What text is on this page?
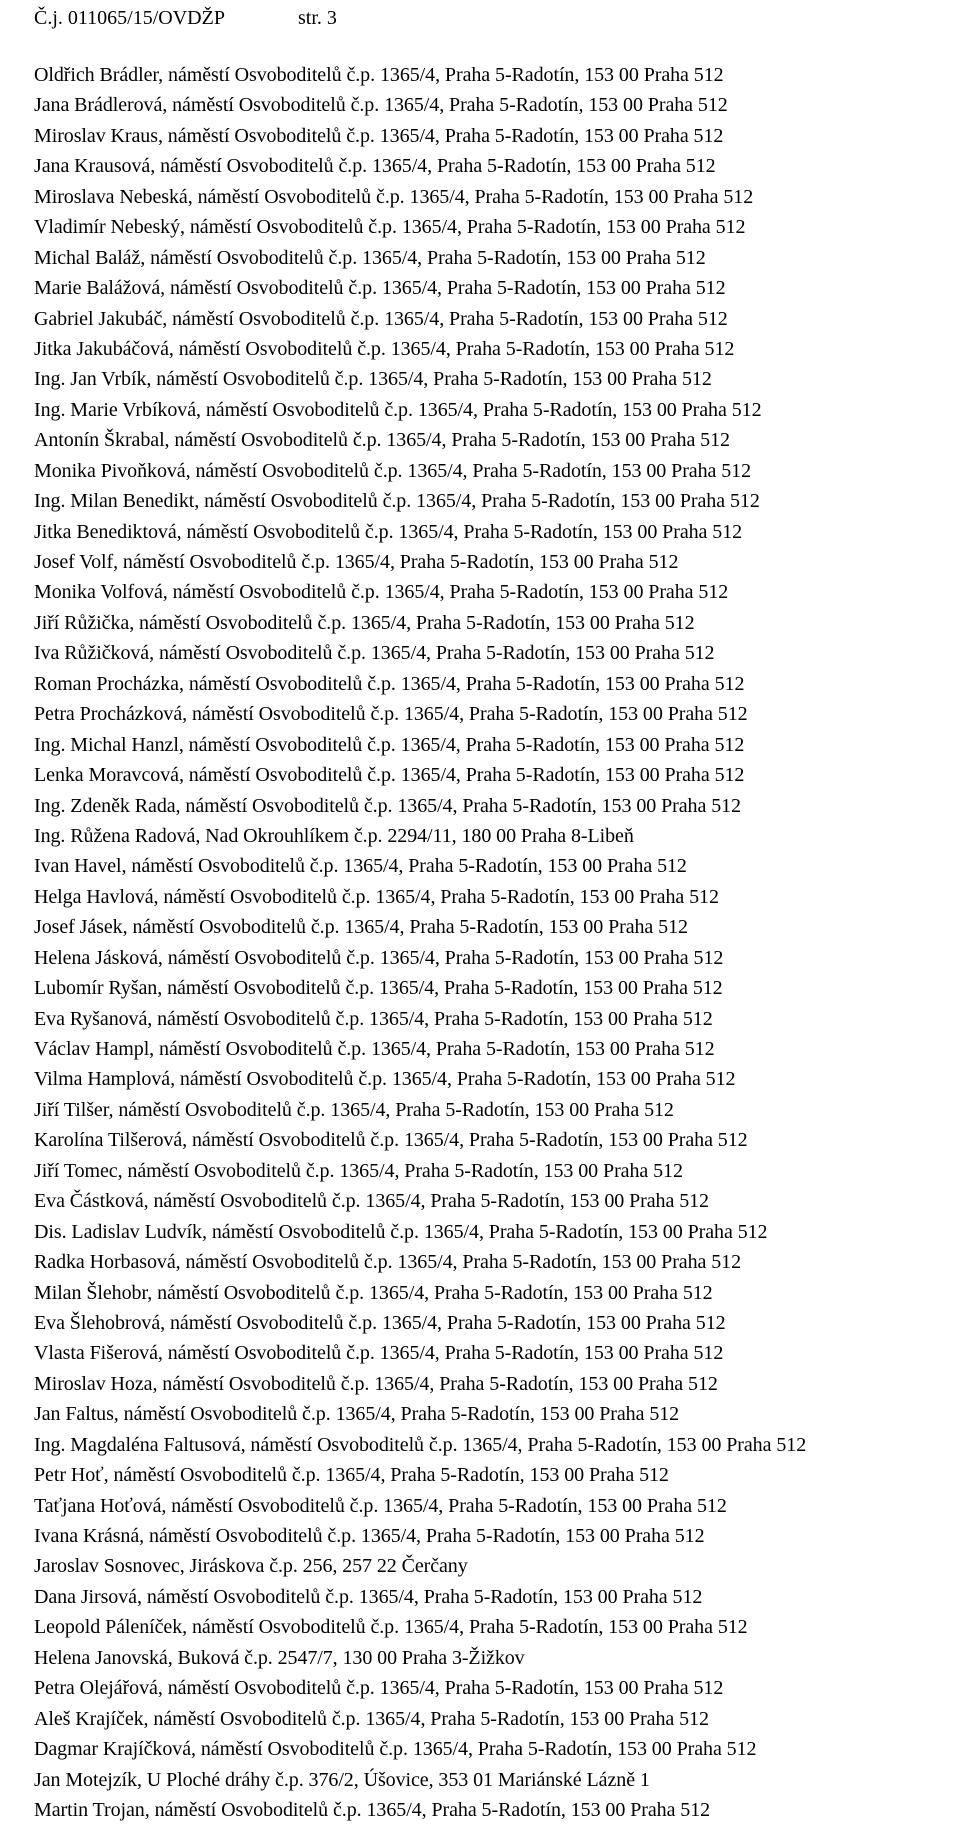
Č.j. 011065/15/OVDŽP	str. 3
Oldřich Brádler, náměstí Osvoboditelů č.p. 1365/4, Praha 5-Radotín, 153 00 Praha 512
Jana Brádlerová, náměstí Osvoboditelů č.p. 1365/4, Praha 5-Radotín, 153 00 Praha 512
Miroslav Kraus, náměstí Osvoboditelů č.p. 1365/4, Praha 5-Radotín, 153 00 Praha 512
Jana Krausová, náměstí Osvoboditelů č.p. 1365/4, Praha 5-Radotín, 153 00 Praha 512
Miroslava Nebeská, náměstí Osvoboditelů č.p. 1365/4, Praha 5-Radotín, 153 00 Praha 512
Vladimír Nebeský, náměstí Osvoboditelů č.p. 1365/4, Praha 5-Radotín, 153 00 Praha 512
Michal Baláž, náměstí Osvoboditelů č.p. 1365/4, Praha 5-Radotín, 153 00 Praha 512
Marie Balážová, náměstí Osvoboditelů č.p. 1365/4, Praha 5-Radotín, 153 00 Praha 512
Gabriel Jakubáč, náměstí Osvoboditelů č.p. 1365/4, Praha 5-Radotín, 153 00 Praha 512
Jitka Jakubáčová, náměstí Osvoboditelů č.p. 1365/4, Praha 5-Radotín, 153 00 Praha 512
Ing. Jan Vrbík, náměstí Osvoboditelů č.p. 1365/4, Praha 5-Radotín, 153 00 Praha 512
Ing. Marie Vrbíková, náměstí Osvoboditelů č.p. 1365/4, Praha 5-Radotín, 153 00 Praha 512
Antonín Škrabal, náměstí Osvoboditelů č.p. 1365/4, Praha 5-Radotín, 153 00 Praha 512
Monika Pivoňková, náměstí Osvoboditelů č.p. 1365/4, Praha 5-Radotín, 153 00 Praha 512
Ing. Milan Benedikt, náměstí Osvoboditelů č.p. 1365/4, Praha 5-Radotín, 153 00 Praha 512
Jitka Benediktová, náměstí Osvoboditelů č.p. 1365/4, Praha 5-Radotín, 153 00 Praha 512
Josef Volf, náměstí Osvoboditelů č.p. 1365/4, Praha 5-Radotín, 153 00 Praha 512
Monika Volfová, náměstí Osvoboditelů č.p. 1365/4, Praha 5-Radotín, 153 00 Praha 512
Jiří Růžička, náměstí Osvoboditelů č.p. 1365/4, Praha 5-Radotín, 153 00 Praha 512
Iva Růžičková, náměstí Osvoboditelů č.p. 1365/4, Praha 5-Radotín, 153 00 Praha 512
Roman Procházka, náměstí Osvoboditelů č.p. 1365/4, Praha 5-Radotín, 153 00 Praha 512
Petra Procházková, náměstí Osvoboditelů č.p. 1365/4, Praha 5-Radotín, 153 00 Praha 512
Ing. Michal Hanzl, náměstí Osvoboditelů č.p. 1365/4, Praha 5-Radotín, 153 00 Praha 512
Lenka Moravcová, náměstí Osvoboditelů č.p. 1365/4, Praha 5-Radotín, 153 00 Praha 512
Ing. Zdeněk Rada, náměstí Osvoboditelů č.p. 1365/4, Praha 5-Radotín, 153 00 Praha 512
Ing. Růžena Radová, Nad Okrouhlíkem č.p. 2294/11, 180 00 Praha 8-Libeň
Ivan Havel, náměstí Osvoboditelů č.p. 1365/4, Praha 5-Radotín, 153 00 Praha 512
Helga Havlová, náměstí Osvoboditelů č.p. 1365/4, Praha 5-Radotín, 153 00 Praha 512
Josef Jásek, náměstí Osvoboditelů č.p. 1365/4, Praha 5-Radotín, 153 00 Praha 512
Helena Jásková, náměstí Osvoboditelů č.p. 1365/4, Praha 5-Radotín, 153 00 Praha 512
Lubomír Ryšan, náměstí Osvoboditelů č.p. 1365/4, Praha 5-Radotín, 153 00 Praha 512
Eva Ryšanová, náměstí Osvoboditelů č.p. 1365/4, Praha 5-Radotín, 153 00 Praha 512
Václav Hampl, náměstí Osvoboditelů č.p. 1365/4, Praha 5-Radotín, 153 00 Praha 512
Vilma Hamplová, náměstí Osvoboditelů č.p. 1365/4, Praha 5-Radotín, 153 00 Praha 512
Jiří Tilšer, náměstí Osvoboditelů č.p. 1365/4, Praha 5-Radotín, 153 00 Praha 512
Karolína Tilšerová, náměstí Osvoboditelů č.p. 1365/4, Praha 5-Radotín, 153 00 Praha 512
Jiří Tomec, náměstí Osvoboditelů č.p. 1365/4, Praha 5-Radotín, 153 00 Praha 512
Eva Částková, náměstí Osvoboditelů č.p. 1365/4, Praha 5-Radotín, 153 00 Praha 512
Dis. Ladislav Ludvík, náměstí Osvoboditelů č.p. 1365/4, Praha 5-Radotín, 153 00 Praha 512
Radka Horbasová, náměstí Osvoboditelů č.p. 1365/4, Praha 5-Radotín, 153 00 Praha 512
Milan Šlehobr, náměstí Osvoboditelů č.p. 1365/4, Praha 5-Radotín, 153 00 Praha 512
Eva Šlehobrová, náměstí Osvoboditelů č.p. 1365/4, Praha 5-Radotín, 153 00 Praha 512
Vlasta Fišerová, náměstí Osvoboditelů č.p. 1365/4, Praha 5-Radotín, 153 00 Praha 512
Miroslav Hoza, náměstí Osvoboditelů č.p. 1365/4, Praha 5-Radotín, 153 00 Praha 512
Jan Faltus, náměstí Osvoboditelů č.p. 1365/4, Praha 5-Radotín, 153 00 Praha 512
Ing. Magdaléna Faltusová, náměstí Osvoboditelů č.p. 1365/4, Praha 5-Radotín, 153 00 Praha 512
Petr Hoť, náměstí Osvoboditelů č.p. 1365/4, Praha 5-Radotín, 153 00 Praha 512
Taťjana Hoťová, náměstí Osvoboditelů č.p. 1365/4, Praha 5-Radotín, 153 00 Praha 512
Ivana Krásná, náměstí Osvoboditelů č.p. 1365/4, Praha 5-Radotín, 153 00 Praha 512
Jaroslav Sosnovec, Jiráskova č.p. 256, 257 22 Čerčany
Dana Jirsová, náměstí Osvoboditelů č.p. 1365/4, Praha 5-Radotín, 153 00 Praha 512
Leopold Páleníček, náměstí Osvoboditelů č.p. 1365/4, Praha 5-Radotín, 153 00 Praha 512
Helena Janovská, Buková č.p. 2547/7, 130 00 Praha 3-Žižkov
Petra Olejářová, náměstí Osvoboditelů č.p. 1365/4, Praha 5-Radotín, 153 00 Praha 512
Aleš Krajíček, náměstí Osvoboditelů č.p. 1365/4, Praha 5-Radotín, 153 00 Praha 512
Dagmar Krajíčková, náměstí Osvoboditelů č.p. 1365/4, Praha 5-Radotín, 153 00 Praha 512
Jan Motejzík, U Ploché dráhy č.p. 376/2, Úšovice, 353 01 Mariánské Lázně 1
Martin Trojan, náměstí Osvoboditelů č.p. 1365/4, Praha 5-Radotín, 153 00 Praha 512
